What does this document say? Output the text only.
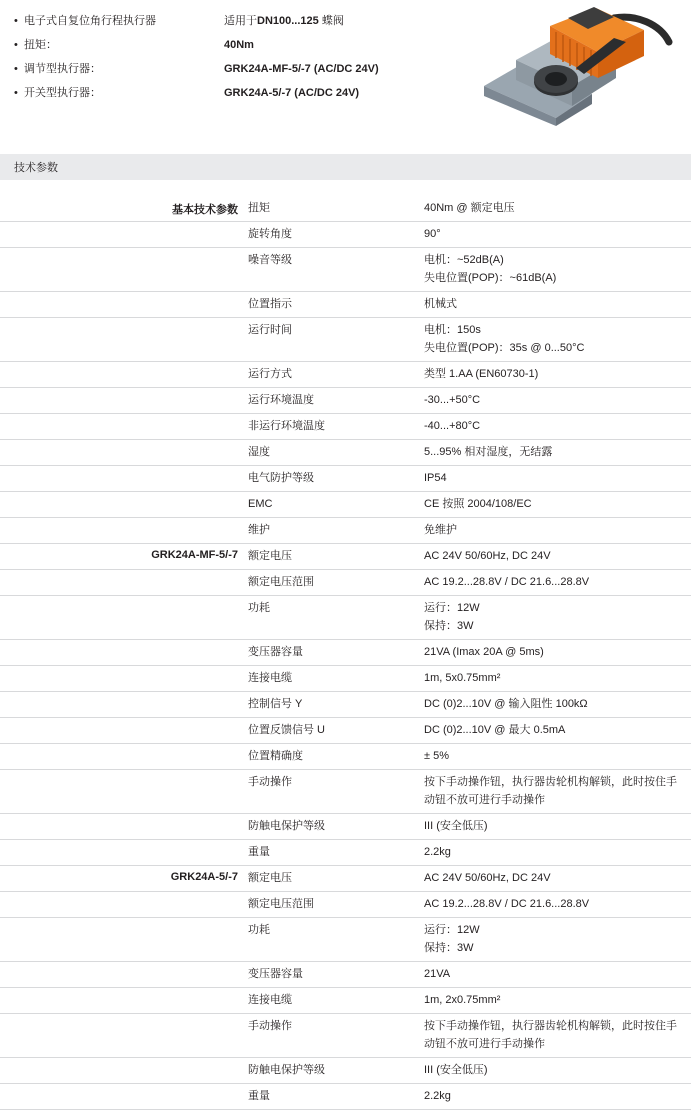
• 电子式自复位角行程执行器	适用于DN100...125 蝶阀
• 扭矩：	40Nm
• 调节型执行器：	GRK24A-MF-5/-7 (AC/DC 24V)
• 开关型执行器：	GRK24A-5/-7 (AC/DC 24V)
技术参数
基本技术参数 扭矩	40Nm @ 额定电压
旋转角度	90°
噪音等级	电机：~52dB(A)
失电位置(POP)：~61dB(A)
位置指示	机械式
运行时间	电机：150s
失电位置(POP)：35s @ 0...50°C
运行方式	类型 1.AA (EN60730-1)
运行环境温度	-30...+50°C
非运行环境温度	-40...+80°C
湿度	5...95% 相对湿度，无结露
电气防护等级	IP54
EMC	CE 按照 2004/108/EC
维护	免维护
GRK24A-MF-5/-7 额定电压	AC 24V 50/60Hz, DC 24V
额定电压范围	AC 19.2...28.8V / DC 21.6...28.8V
功耗	运行：12W
保持：3W
变压器容量	21VA (Imax 20A @ 5ms)
连接电缆	1m, 5x0.75mm²
控制信号 Y	DC (0)2...10V @ 输入阻性 100kΩ
位置反馈信号 U	DC (0)2...10V @ 最大 0.5mA
位置精确度	± 5%
手动操作	按下手动操作钮，执行器齿轮机构解锁，此时按住手
动钮不放可进行手动操作
防触电保护等级	III (安全低压)
重量	2.2kg
GRK24A-5/-7 额定电压	AC 24V 50/60Hz, DC 24V
额定电压范围	AC 19.2...28.8V / DC 21.6...28.8V
功耗	运行：12W
保持：3W
变压器容量	21VA
连接电缆	1m, 2x0.75mm²
手动操作	按下手动操作钮，执行器齿轮机构解锁，此时按住手
动钮不放可进行手动操作
防触电保护等级	III (安全低压)
重量	2.2kg
